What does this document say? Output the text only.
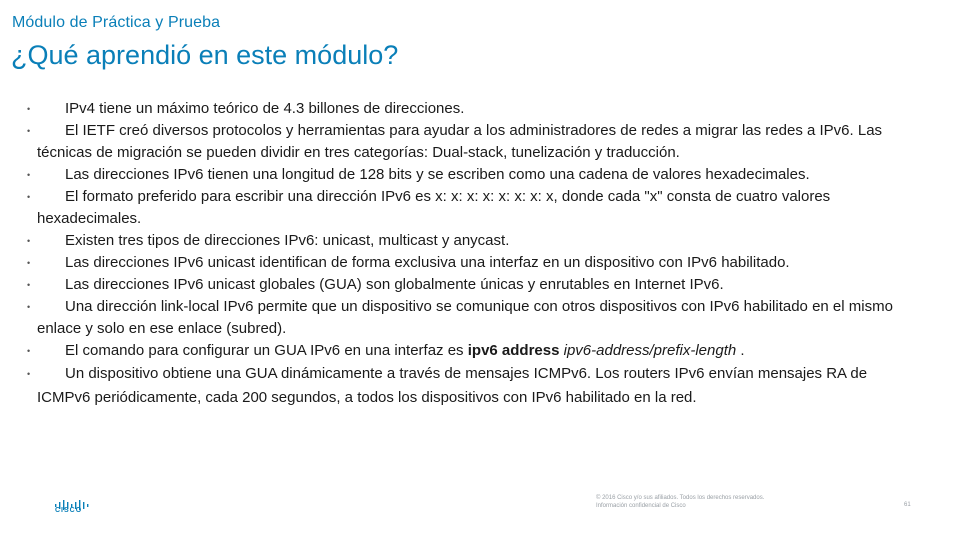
Módulo de Práctica y Prueba
¿Qué aprendió en este módulo?
• IPv4 tiene un máximo teórico de 4.3 billones de direcciones.
• El IETF creó diversos protocolos y herramientas para ayudar a los administradores de redes a migrar las redes a IPv6. Las técnicas de migración se pueden dividir en tres categorías: Dual-stack, tunelización y traducción.
• Las direcciones IPv6 tienen una longitud de 128 bits y se escriben como una cadena de valores hexadecimales.
• El formato preferido para escribir una dirección IPv6 es x: x: x: x: x: x: x: x, donde cada "x" consta de cuatro valores hexadecimales.
• Existen tres tipos de direcciones IPv6: unicast, multicast y anycast.
• Las direcciones IPv6 unicast identifican de forma exclusiva una interfaz en un dispositivo con IPv6 habilitado.
• Las direcciones IPv6 unicast globales (GUA) son globalmente únicas y enrutables en Internet IPv6.
• Una dirección link-local IPv6 permite que un dispositivo se comunique con otros dispositivos con IPv6 habilitado en el mismo enlace y solo en ese enlace (subred).
• El comando para configurar un GUA IPv6 en una interfaz es ipv6 address ipv6-address/prefix-length .
• Un dispositivo obtiene una GUA dinámicamente a través de mensajes ICMPv6. Los routers IPv6 envían mensajes RA de ICMPv6 periódicamente, cada 200 segundos, a todos los dispositivos con IPv6 habilitado en la red.
CISCO
© 2016 Cisco y/o sus afiliados. Todos los derechos reservados.
Información confidencial de Cisco	61
